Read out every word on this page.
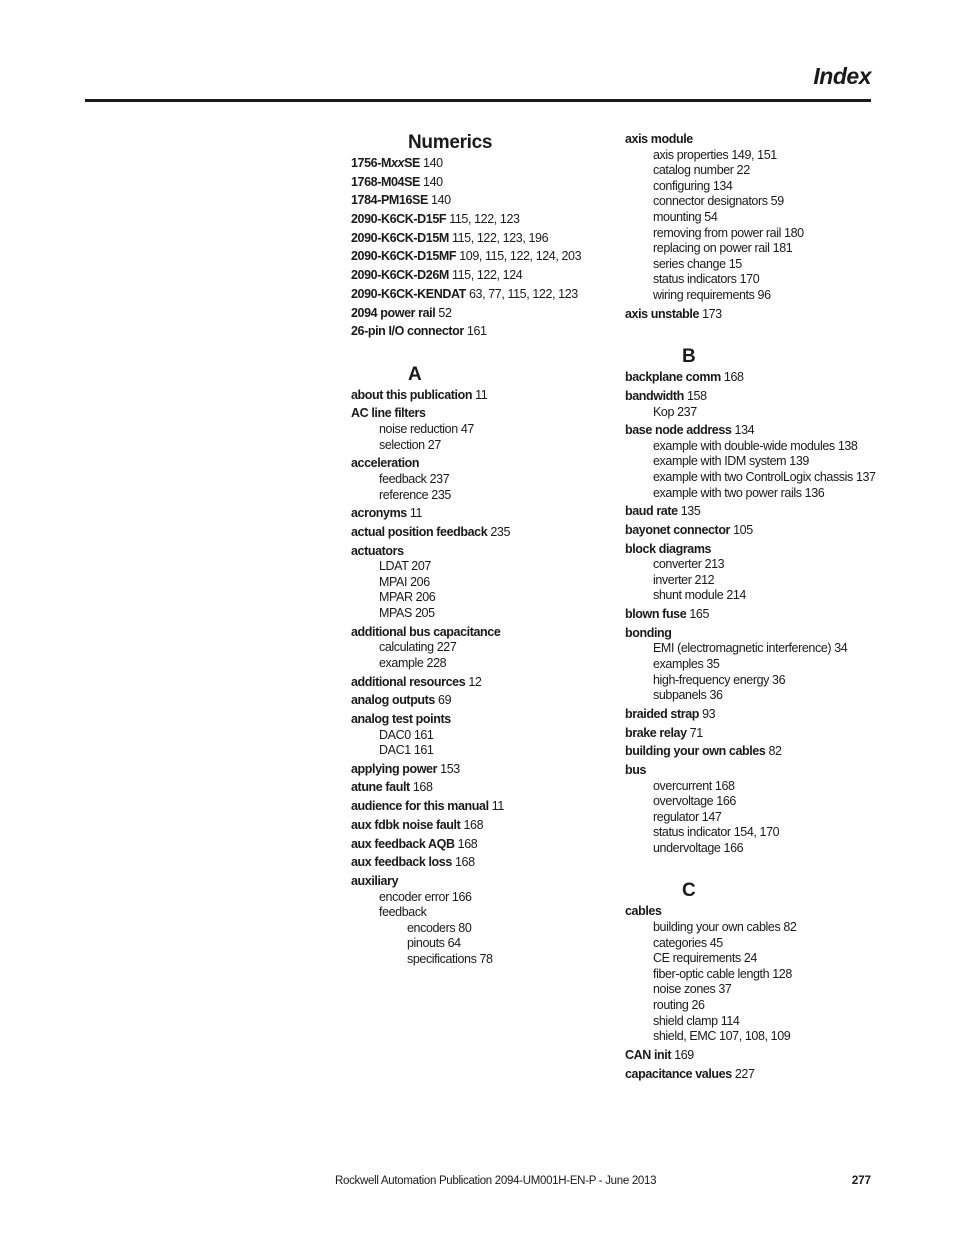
Index
Numerics
1756-MxxSE 140
1768-M04SE 140
1784-PM16SE 140
2090-K6CK-D15F 115, 122, 123
2090-K6CK-D15M 115, 122, 123, 196
2090-K6CK-D15MF 109, 115, 122, 124, 203
2090-K6CK-D26M 115, 122, 124
2090-K6CK-KENDAT 63, 77, 115, 122, 123
2094 power rail 52
26-pin I/O connector 161
A
about this publication 11
AC line filters
noise reduction 47
selection 27
acceleration
feedback 237
reference 235
acronyms 11
actual position feedback 235
actuators
LDAT 207
MPAI 206
MPAR 206
MPAS 205
additional bus capacitance
calculating 227
example 228
additional resources 12
analog outputs 69
analog test points
DAC0 161
DAC1 161
applying power 153
atune fault 168
audience for this manual 11
aux fdbk noise fault 168
aux feedback AQB 168
aux feedback loss 168
auxiliary
encoder error 166
feedback
encoders 80
pinouts 64
specifications 78
axis module
axis properties 149, 151
catalog number 22
configuring 134
connector designators 59
mounting 54
removing from power rail 180
replacing on power rail 181
series change 15
status indicators 170
wiring requirements 96
axis unstable 173
B
backplane comm 168
bandwidth 158
Kop 237
base node address 134
example with double-wide modules 138
example with IDM system 139
example with two ControlLogix chassis 137
example with two power rails 136
baud rate 135
bayonet connector 105
block diagrams
converter 213
inverter 212
shunt module 214
blown fuse 165
bonding
EMI (electromagnetic interference) 34
examples 35
high-frequency energy 36
subpanels 36
braided strap 93
brake relay 71
building your own cables 82
bus
overcurrent 168
overvoltage 166
regulator 147
status indicator 154, 170
undervoltage 166
C
cables
building your own cables 82
categories 45
CE requirements 24
fiber-optic cable length 128
noise zones 37
routing 26
shield clamp 114
shield, EMC 107, 108, 109
CAN init 169
capacitance values 227
Rockwell Automation Publication 2094-UM001H-EN-P - June 2013	277
